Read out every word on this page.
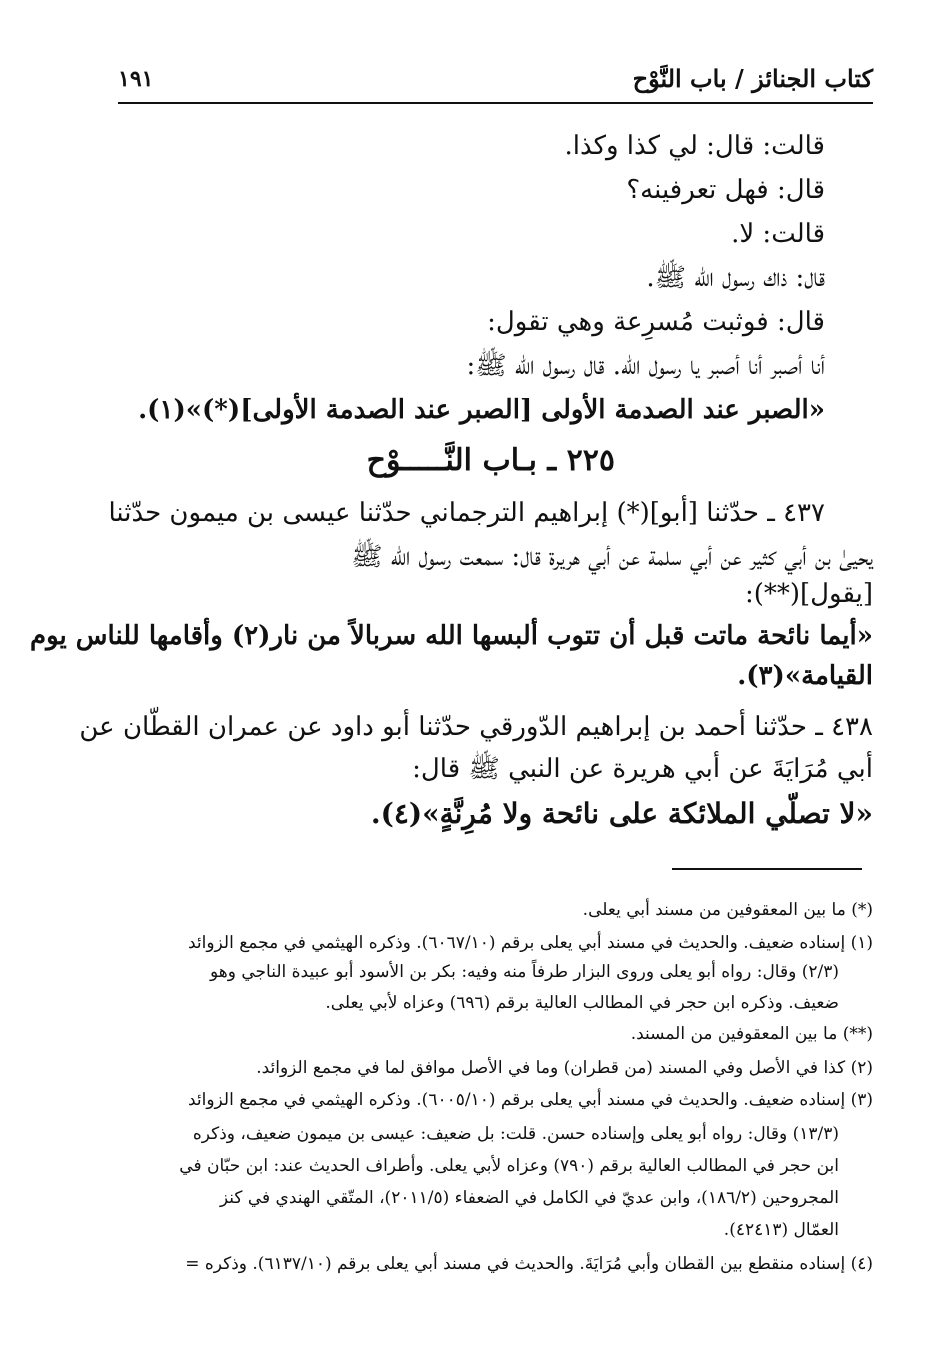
كتاب الجنائز / باب النَّوْح
١٩١
قالت: قال: لي كذا وكذا.
قال: فهل تعرفينه؟
قالت: لا.
قال: ذاك رسول الله ﷺ.
قال: فوثبت مُسرِعة وهي تقول:
أنا أصبر أنا أصبر يا رسول الله. قال رسول الله ﷺ:
«الصبر عند الصدمة الأولى [الصبر عند الصدمة الأولى](*)»(١).
٢٢٥ ـ بـاب النَّـــــوْح
٤٣٧ ـ حدّثنا [أبو](*) إبراهيم الترجماني حدّثنا عيسى بن ميمون حدّثنا
يحيىٰ بن أبي كثير عن أبي سلمة عن أبي هريرة قال: سمعت رسول الله ﷺ
[يقول](**):
«أيما نائحة ماتت قبل أن تتوب ألبسها الله سربالاً من نار(٢) وأقامها للناس يوم
القيامة»(٣).
٤٣٨ ـ حدّثنا أحمد بن إبراهيم الدّورقي حدّثنا أبو داود عن عمران القطّان عن
أبي مُرَايَةَ عن أبي هريرة عن النبي ﷺ قال:
«لا تصلّي الملائكة على نائحة ولا مُرِنَّةٍ»(٤).
(*) ما بين المعقوفين من مسند أبي يعلى.
(١) إسناده ضعيف. والحديث في مسند أبي يعلى برقم (٦٠٦٧/١٠). وذكره الهيثمي في مجمع الزوائد
(٢/٣) وقال: رواه أبو يعلى وروى البزار طرفاً منه وفيه: بكر بن الأسود أبو عبيدة الناجي وهو
ضعيف. وذكره ابن حجر في المطالب العالية برقم (٦٩٦) وعزاه لأبي يعلى.
(**) ما بين المعقوفين من المسند.
(٢) كذا في الأصل وفي المسند (من قطران) وما في الأصل موافق لما في مجمع الزوائد.
(٣) إسناده ضعيف. والحديث في مسند أبي يعلى برقم (٦٠٠٥/١٠). وذكره الهيثمي في مجمع الزوائد
(١٣/٣) وقال: رواه أبو يعلى وإسناده حسن. قلت: بل ضعيف: عيسى بن ميمون ضعيف، وذكره
ابن حجر في المطالب العالية برقم (٧٩٠) وعزاه لأبي يعلى. وأطراف الحديث عند: ابن حبّان في
المجروحين (١٨٦/٢)، وابن عديّ في الكامل في الضعفاء (٢٠١١/٥)، المتّقي الهندي في كنز
العمّال (٤٢٤١٣).
(٤) إسناده منقطع بين القطان وأبي مُرَايَةَ. والحديث في مسند أبي يعلى برقم (٦١٣٧/١٠). وذكره =
